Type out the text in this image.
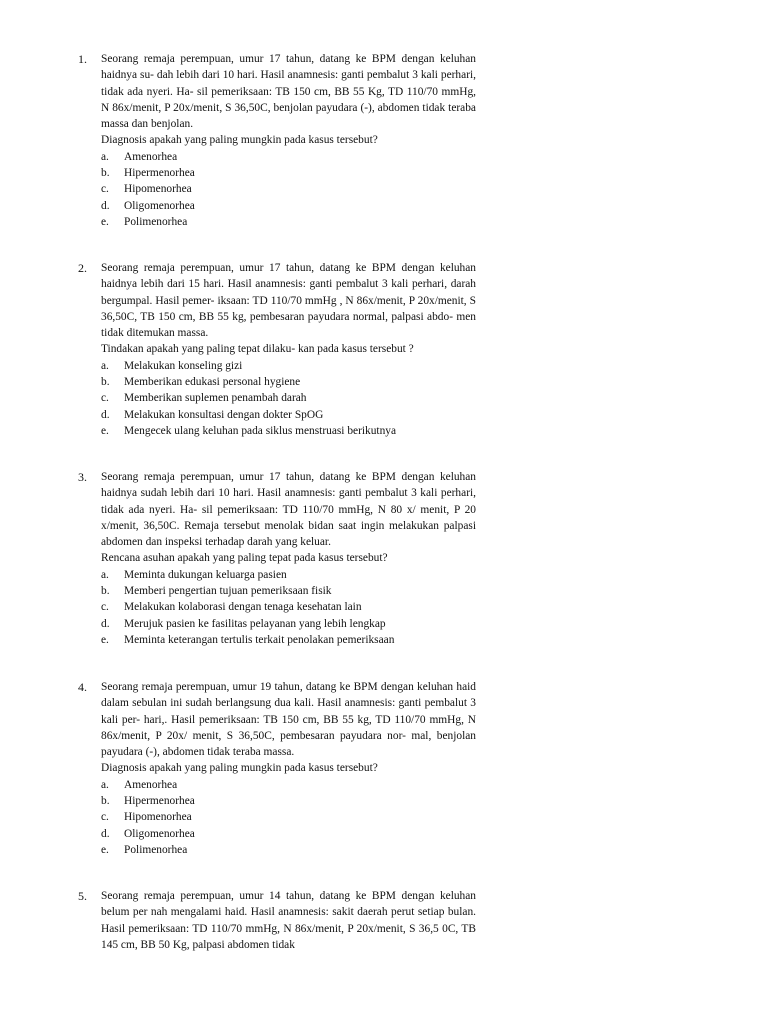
1. Seorang remaja perempuan, umur 17 tahun, datang ke BPM dengan keluhan haidnya su- dah lebih dari 10 hari. Hasil anamnesis: ganti pembalut 3 kali perhari, tidak ada nyeri. Ha- sil pemeriksaan: TB 150 cm, BB 55 Kg, TD 110/70 mmHg, N 86x/menit, P 20x/menit, S 36,50C, benjolan payudara (-), abdomen tidak teraba massa dan benjolan.

Diagnosis apakah yang paling mungkin pada kasus tersebut?

a. Amenorhea
b. Hipermenorhea
c. Hipomenorhea
d. Oligomenorhea
e. Polimenorhea
2. Seorang remaja perempuan, umur 17 tahun, datang ke BPM dengan keluhan haidnya lebih dari 15 hari. Hasil anamnesis: ganti pembalut 3 kali perhari, darah bergumpal. Hasil pemer- iksaan: TD 110/70 mmHg , N 86x/menit, P 20x/menit, S 36,50C, TB 150 cm, BB 55 kg, pembesaran payudara normal, palpasi abdo- men tidak ditemukan massa.

Tindakan apakah yang paling tepat dilaku- kan pada kasus tersebut ?

a. Melakukan konseling gizi
b. Memberikan edukasi personal hygiene
c. Memberikan suplemen penambah darah
d. Melakukan konsultasi dengan dokter SpOG
e. Mengecek ulang keluhan pada siklus menstruasi berikutnya
3. Seorang remaja perempuan, umur 17 tahun, datang ke BPM dengan keluhan haidnya sudah lebih dari 10 hari. Hasil anamnesis: ganti pembalut 3 kali perhari, tidak ada nyeri. Ha- sil pemeriksaan: TD 110/70 mmHg, N 80 x/ menit, P 20 x/menit, 36,50C. Remaja tersebut menolak bidan saat ingin melakukan palpasi abdomen dan inspeksi terhadap darah yang keluar.

Rencana asuhan apakah yang paling tepat pada kasus tersebut?

a. Meminta dukungan keluarga pasien
b. Memberi pengertian tujuan pemeriksaan fisik
c. Melakukan kolaborasi dengan tenaga kesehatan lain
d. Merujuk pasien ke fasilitas pelayanan yang lebih lengkap
e. Meminta keterangan tertulis terkait penolakan pemeriksaan
4. Seorang remaja perempuan, umur 19 tahun, datang ke BPM dengan keluhan haid dalam sebulan ini sudah berlangsung dua kali. Hasil anamnesis: ganti pembalut 3 kali per- hari,. Hasil pemeriksaan: TB 150 cm, BB 55 kg, TD 110/70 mmHg, N 86x/menit, P 20x/ menit, S 36,50C, pembesaran payudara nor- mal, benjolan payudara (-), abdomen tidak teraba massa.

Diagnosis apakah yang paling mungkin pada kasus tersebut?

a. Amenorhea
b. Hipermenorhea
c. Hipomenorhea
d. Oligomenorhea
e. Polimenorhea
5. Seorang remaja perempuan, umur 14 tahun, datang ke BPM dengan keluhan belum per nah mengalami haid. Hasil anamnesis: sakit daerah perut setiap bulan. Hasil pemeriksaan: TD 110/70 mmHg, N 86x/menit, P 20x/menit, S 36,5 0C, TB 145 cm, BB 50 Kg, palpasi abdomen tidak
